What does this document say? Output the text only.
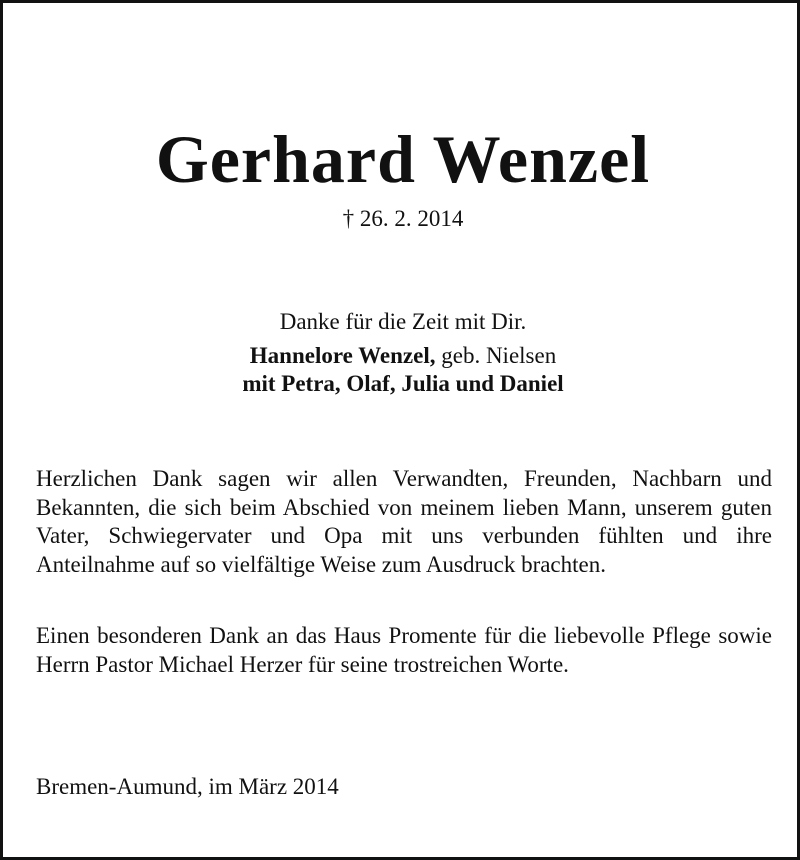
Gerhard Wenzel
† 26. 2. 2014
Danke für die Zeit mit Dir.
Hannelore Wenzel, geb. Nielsen
mit Petra, Olaf, Julia und Daniel

Herzlichen Dank sagen wir allen Verwandten, Freunden, Nachbarn und Bekannten, die sich beim Abschied von meinem lieben Mann, unserem guten Vater, Schwiegervater und Opa mit uns verbunden fühlten und ihre Anteilnahme auf so vielfältige Weise zum Ausdruck brachten.

Einen besonderen Dank an das Haus Promente für die liebevolle Pflege sowie Herrn Pastor Michael Herzer für seine trostreichen Worte.

Bremen-Aumund, im März 2014
